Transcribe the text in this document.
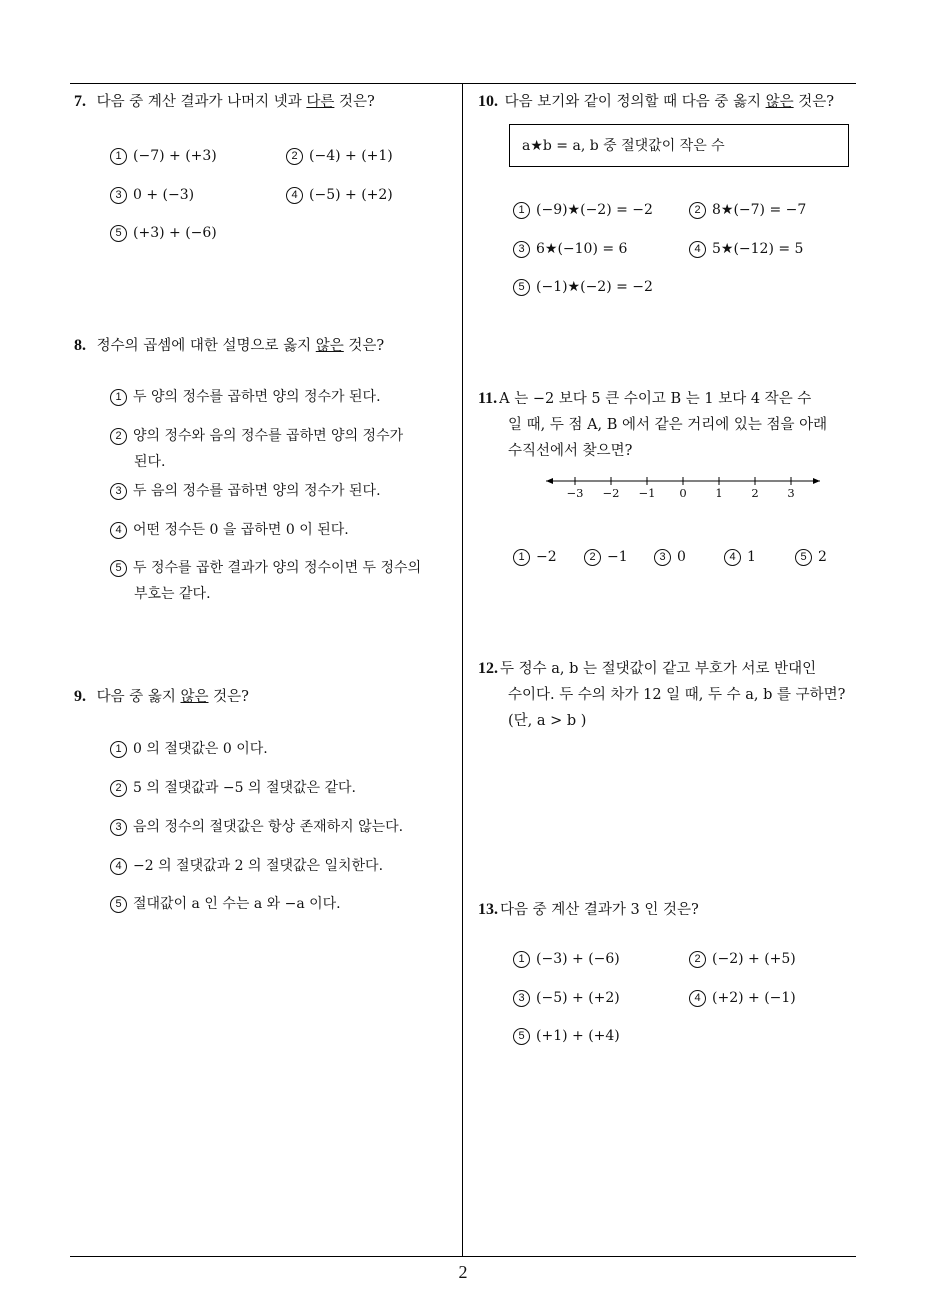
7. 다음 중 계산 결과가 나머지 넷과 다른 것은?
1 (−7) + (+3)	2 (−4) + (+1)
3 0 + (−3)	4 (−5) + (+2)
5 (+3) + (−6)
8. 정수의 곱셈에 대한 설명으로 옳지 않은 것은?
1 두 양의 정수를 곱하면 양의 정수가 된다.
2 양의 정수와 음의 정수를 곱하면 양의 정수가
된다.
3 두 음의 정수를 곱하면 양의 정수가 된다.
4 어떤 정수든 0 을 곱하면 0 이 된다.
5 두 정수를 곱한 결과가 양의 정수이면 두 정수의
부호는 같다.
9. 다음 중 옳지 않은 것은?
1 0 의 절댓값은 0 이다.
2 5 의 절댓값과 −5 의 절댓값은 같다.
3 음의 정수의 절댓값은 항상 존재하지 않는다.
4 −2 의 절댓값과 2 의 절댓값은 일치한다.
5 절대값이 a 인 수는 a 와 −a 이다.
10. 다음 보기와 같이 정의할 때 다음 중 옳지 않은 것은?
a★b = a, b 중 절댓값이 작은 수
1 (−9)★(−2) = −2	2 8★(−7) = −7
3 6★(−10) = 6	4 5★(−12) = 5
5 (−1)★(−2) = −2
11. A 는 −2 보다 5 큰 수이고 B 는 1 보다 4 작은 수
일 때, 두 점 A, B 에서 같은 거리에 있는 점을 아래
수직선에서 찾으면?
−3 −2 −1 0 1 2 3
1 −2	2 −1	3 0	4 1	5 2
12. 두 정수 a, b 는 절댓값이 같고 부호가 서로 반대인
수이다. 두 수의 차가 12 일 때, 두 수 a, b 를 구하면?
(단, a > b )
13. 다음 중 계산 결과가 3 인 것은?
1 (−3) + (−6)	2 (−2) + (+5)
3 (−5) + (+2)	4 (+2) + (−1)
5 (+1) + (+4)
2
